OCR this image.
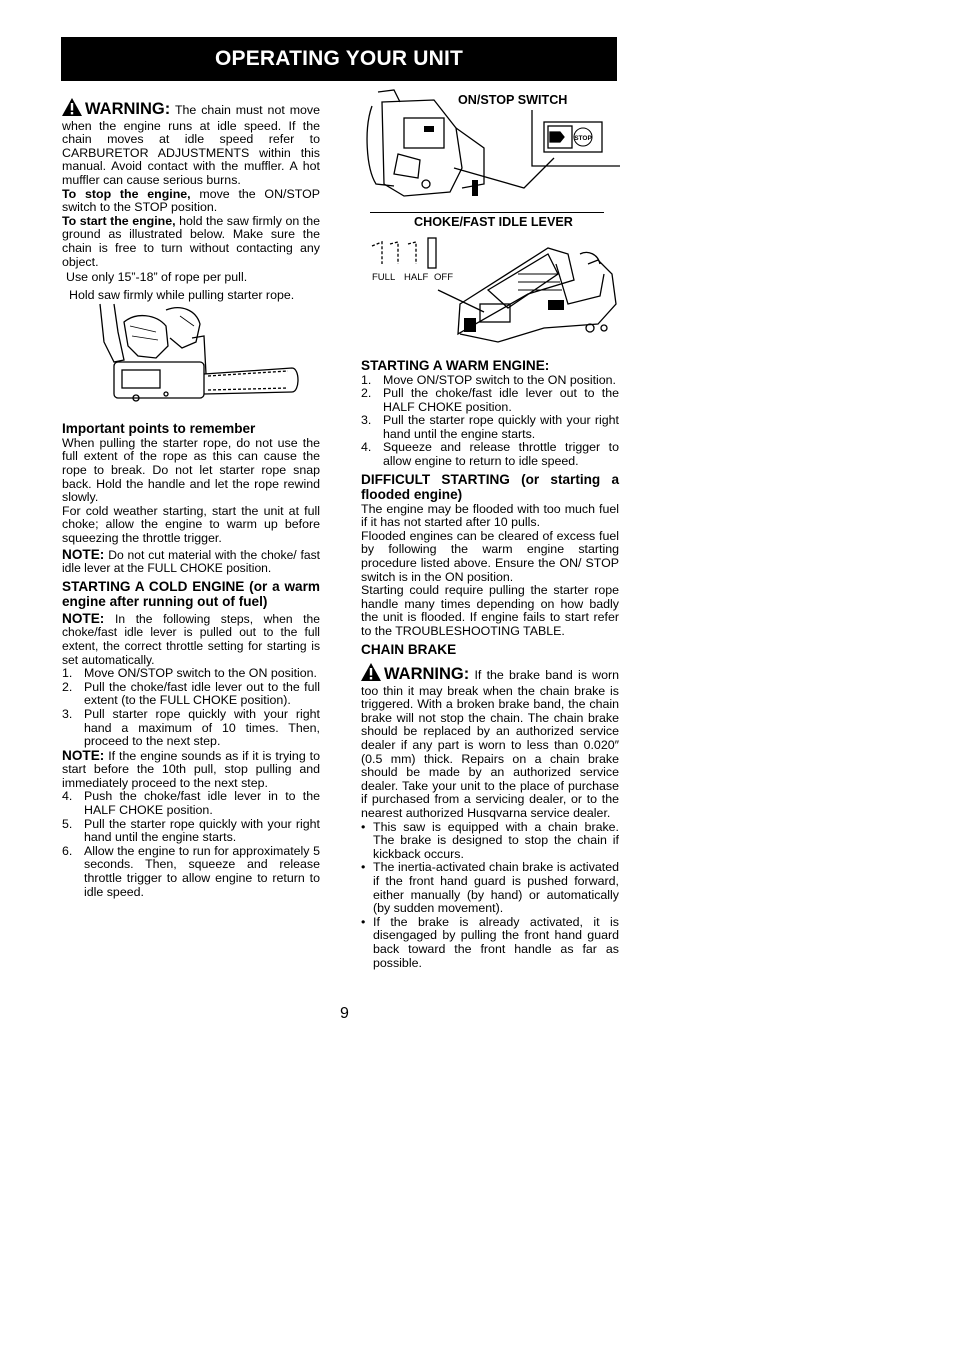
OPERATING YOUR UNIT

WARNING: The chain must not move when the engine runs at idle speed. If the chain moves at idle speed refer to CARBURETOR ADJUSTMENTS within this manual. Avoid contact with the muffler. A hot muffler can cause serious burns.

To stop the engine, move the ON/STOP switch to the STOP position.

To start the engine, hold the saw firmly on the ground as illustrated below. Make sure the chain is free to turn without contacting any object.

Use only 15”-18” of rope per pull.

Hold saw firmly while pulling starter rope.

Important points to remember

When pulling the starter rope, do not use the full extent of the rope as this can cause the rope to break. Do not let starter rope snap back. Hold the handle and let the rope rewind slowly.

For cold weather starting, start the unit at full choke; allow the engine to warm up before squeezing the throttle trigger.

NOTE: Do not cut material with the choke/ fast idle lever at the FULL CHOKE position.

STARTING A COLD ENGINE (or a warm engine after running out of fuel)

NOTE: In the following steps, when the choke/fast idle lever is pulled out to the full extent, the correct throttle setting for starting is set automatically.

1. Move ON/STOP switch to the ON position.
2. Pull the choke/fast idle lever out to the full extent (to the FULL CHOKE position).
3. Pull starter rope quickly with your right hand a maximum of 10 times. Then, proceed to the next step.

NOTE: If the engine sounds as if it is trying to start before the 10th pull, stop pulling and immediately proceed to the next step.

4. Push the choke/fast idle lever in to the HALF CHOKE position.
5. Pull the starter rope quickly with your right hand until the engine starts.
6. Allow the engine to run for approximately 5 seconds. Then, squeeze and release throttle trigger to allow engine to return to idle speed.
STOP
ON/STOP SWITCH
CHOKE/FAST IDLE LEVER
FULL HALF OFF

STARTING A WARM ENGINE:

1. Move ON/STOP switch to the ON position.
2. Pull the choke/fast idle lever out to the HALF CHOKE position.
3. Pull the starter rope quickly with your right hand until the engine starts.
4. Squeeze and release throttle trigger to allow engine to return to idle speed.

DIFFICULT STARTING (or starting a flooded engine)

The engine may be flooded with too much fuel if it has not started after 10 pulls.

Flooded engines can be cleared of excess fuel by following the warm engine starting procedure listed above. Ensure the ON/ STOP switch is in the ON position.

Starting could require pulling the starter rope handle many times depending on how badly the unit is flooded. If engine fails to start refer to the TROUBLESHOOTING TABLE.

CHAIN BRAKE

WARNING: If the brake band is worn too thin it may break when the chain brake is triggered. With a broken brake band, the chain brake will not stop the chain. The chain brake should be replaced by an authorized service dealer if any part is worn to less than 0.020″ (0.5 mm) thick. Repairs on a chain brake should be made by an authorized service dealer. Take your unit to the place of purchase if purchased from a servicing dealer, or to the nearest authorized Husqvarna service dealer.

• This saw is equipped with a chain brake. The brake is designed to stop the chain if kickback occurs.
• The inertia-activated chain brake is activated if the front hand guard is pushed forward, either manually (by hand) or automatically (by sudden movement).
• If the brake is already activated, it is disengaged by pulling the front hand guard back toward the front handle as far as possible.
9
